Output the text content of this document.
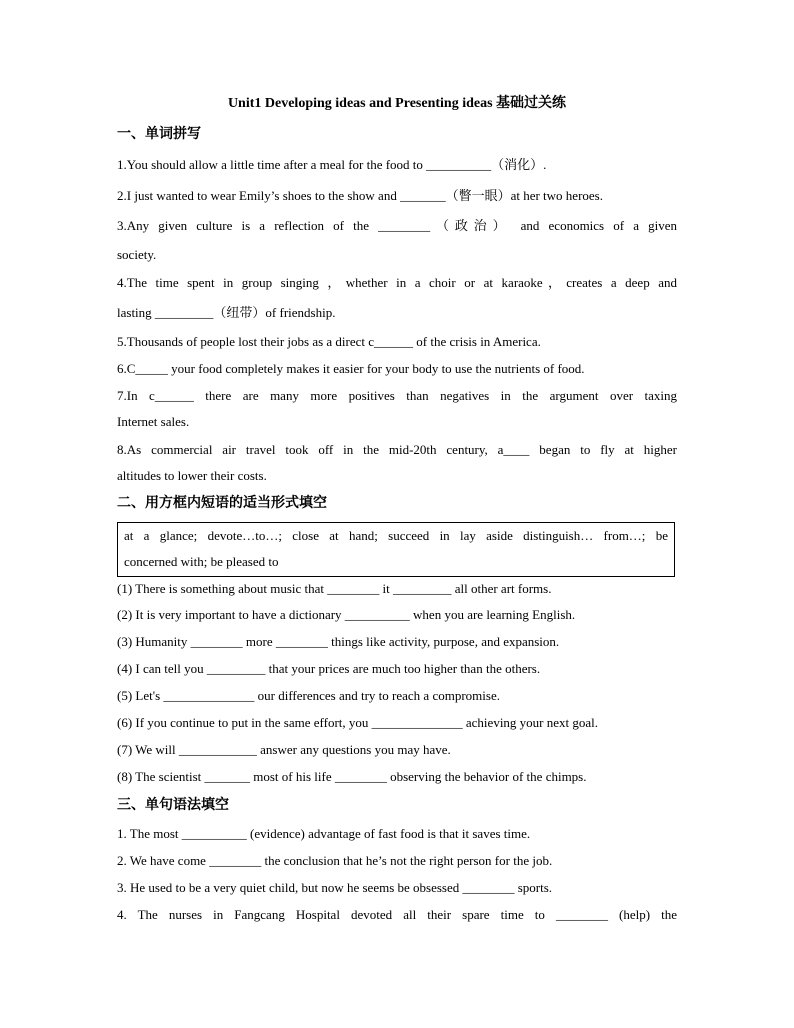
Unit1 Developing ideas and Presenting ideas 基础过关练
一、单词拼写
1.You should allow a little time after a meal for the food to __________（消化）.
2.I just wanted to wear Emily’s shoes to the show and _______（瞥一眼）at her two heroes.
3.Any given culture is a reflection of the ________（政治） and economics of a given
society.
4.The time spent in group singing ，whether in a choir or at karaoke，creates a deep and
lasting _________（纽带）of friendship.
5.Thousands of people lost their jobs as a direct c______ of the crisis in America.
6.C_____ your food completely makes it easier for your body to use the nutrients of food.
7.In c______ there are many more positives than negatives in the argument over taxing
Internet sales.
8.As commercial air travel took off in the mid-20th century, a____ began to fly at higher
altitudes to lower their costs.
二、用方框内短语的适当形式填空
at a glance; devote…to…; close at hand; succeed in lay aside distinguish… from…; be
concerned with; be pleased to
(1) There is something about music that ________ it _________ all other art forms.
(2) It is very important to have a dictionary __________ when you are learning English.
(3) Humanity ________ more ________ things like activity, purpose, and expansion.
(4) I can tell you _________ that your prices are much too higher than the others.
(5) Let's ______________ our differences and try to reach a compromise.
(6) If you continue to put in the same effort, you ______________ achieving your next goal.
(7) We will ____________ answer any questions you may have.
(8) The scientist _______ most of his life ________ observing the behavior of the chimps.
三、单句语法填空
1. The most __________ (evidence) advantage of fast food is that it saves time.
2. We have come ________ the conclusion that he’s not the right person for the job.
3. He used to be a very quiet child, but now he seems be obsessed ________ sports.
4. The nurses in Fangcang Hospital devoted all their spare time to ________ (help) the
